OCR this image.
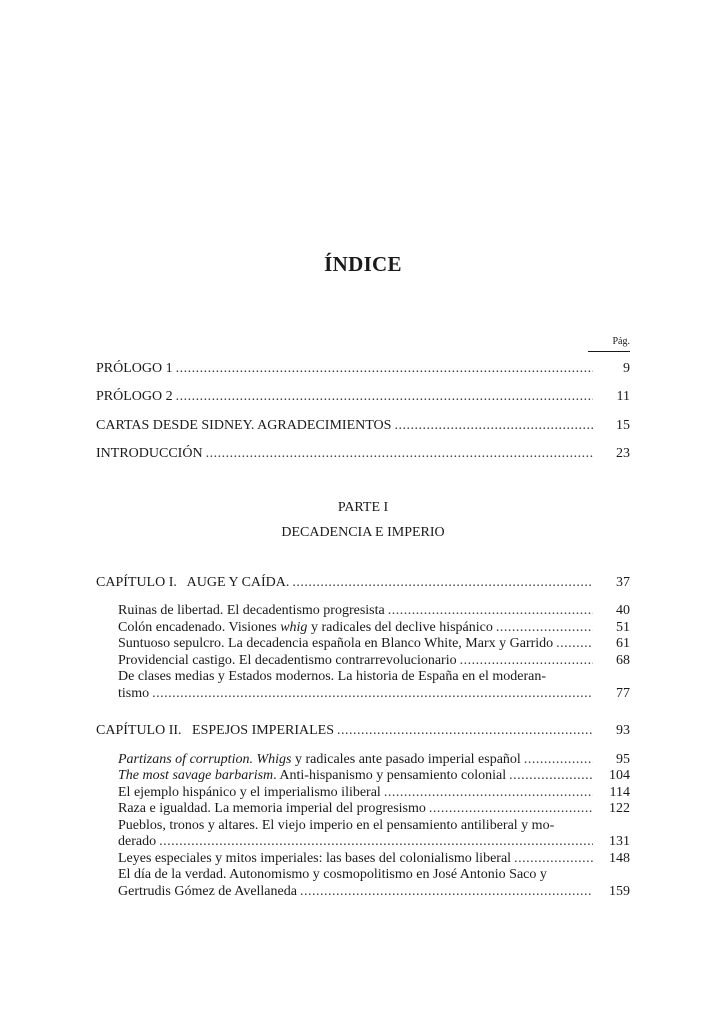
ÍNDICE
Pág.
PRÓLOGO 1 .....	9
PRÓLOGO 2 .....	11
CARTAS DESDE SIDNEY. AGRADECIMIENTOS .....	15
INTRODUCCIÓN .....	23
PARTE I
DECADENCIA E IMPERIO
CAPÍTULO I.   AUGE Y CAÍDA. .....	37
Ruinas de libertad. El decadentismo progresista .....	40
Colón encadenado. Visiones whig y radicales del declive hispánico .....	51
Suntuoso sepulcro. La decadencia española en Blanco White, Marx y Garrido .....	61
Providencial castigo. El decadentismo contrarrevolucionario .....	68
De clases medias y Estados modernos. La historia de España en el moderan-
tismo .....	77
CAPÍTULO II.   ESPEJOS IMPERIALES .....	93
Partizans of corruption. Whigs y radicales ante pasado imperial español .....	95
The most savage barbarism. Anti-hispanismo y pensamiento colonial .....	104
El ejemplo hispánico y el imperialismo iliberal .....	114
Raza e igualdad. La memoria imperial del progresismo .....	122
Pueblos, tronos y altares. El viejo imperio en el pensamiento antiliberal y mo-
derado .....	131
Leyes especiales y mitos imperiales: las bases del colonialismo liberal .....	148
El día de la verdad. Autonomismo y cosmopolitismo en José Antonio Saco y
Gertrudis Gómez de Avellaneda .....	159
